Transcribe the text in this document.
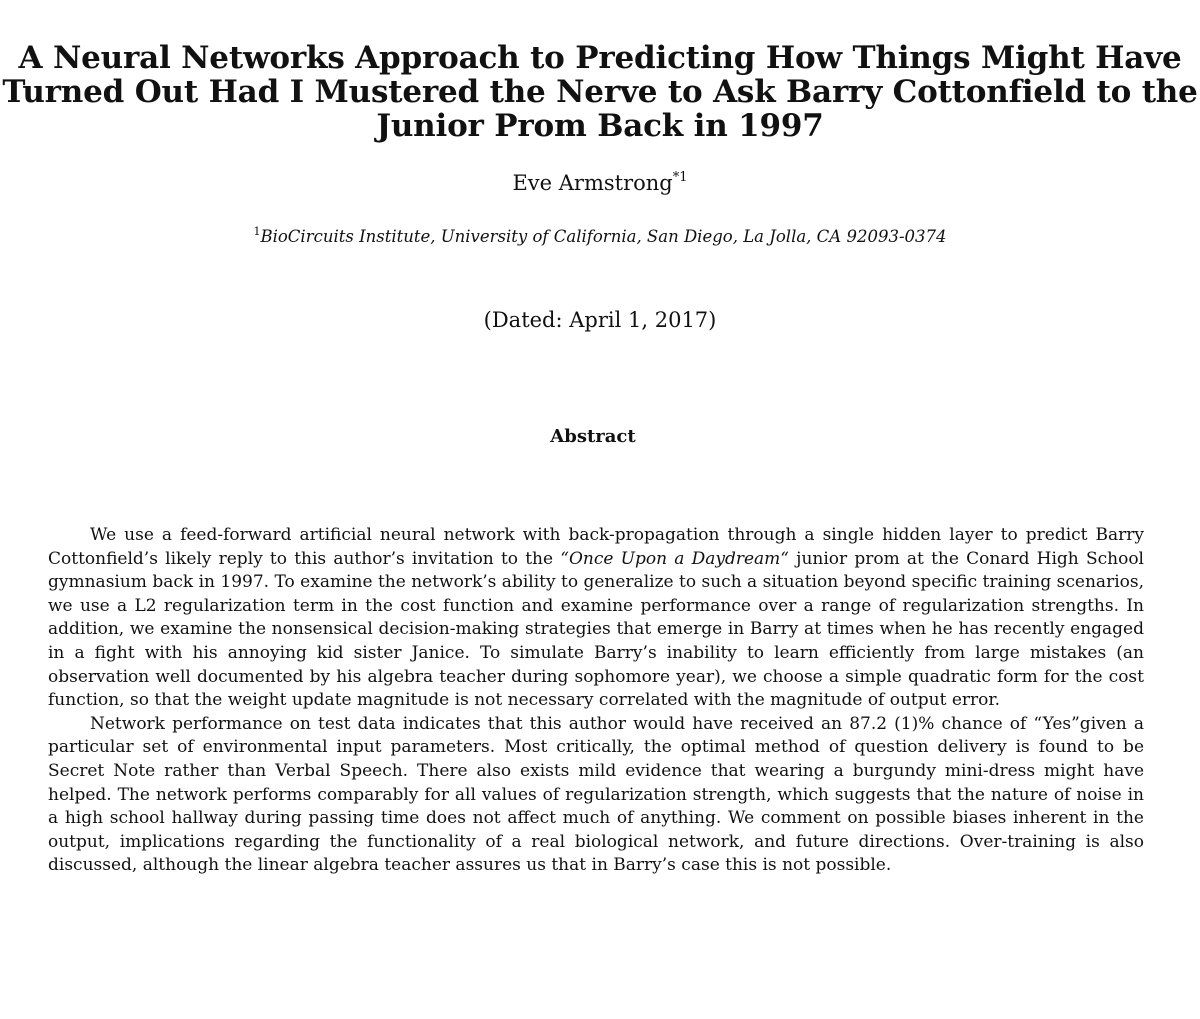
A Neural Networks Approach to Predicting How Things Might Have
Turned Out Had I Mustered the Nerve to Ask Barry Cottonfield to the
Junior Prom Back in 1997
Eve Armstrong$^{*1}$
$^1$BioCircuits Institute, University of California, San Diego, La Jolla, CA 92093-0374
(Dated: April 1, 2017)
Abstract

We use a feed-forward artificial neural network with back-propagation through a single hidden layer to predict Barry Cottonfield’s likely reply to this author’s invitation to the “Once Upon a Daydream“ junior prom at the Conard High School gymnasium back in 1997. To examine the network’s ability to generalize to such a situation beyond specific training scenarios, we use a L2 regularization term in the cost function and examine performance over a range of regularization strengths. In addition, we examine the nonsensical decision-making strategies that emerge in Barry at times when he has recently engaged in a fight with his annoying kid sister Janice. To simulate Barry’s inability to learn efficiently from large mistakes (an observation well documented by his algebra teacher during sophomore year), we choose a simple quadratic form for the cost function, so that the weight update magnitude is not necessary correlated with the magnitude of output error.

Network performance on test data indicates that this author would have received an 87.2 (1)% chance of “Yes”given a particular set of environmental input parameters. Most critically, the optimal method of question delivery is found to be Secret Note rather than Verbal Speech. There also exists mild evidence that wearing a burgundy mini-dress might have helped. The network performs comparably for all values of regularization strength, which suggests that the nature of noise in a high school hallway during passing time does not affect much of anything. We comment on possible biases inherent in the output, implications regarding the functionality of a real biological network, and future directions. Over-training is also discussed, although the linear algebra teacher assures us that in Barry’s case this is not possible.
